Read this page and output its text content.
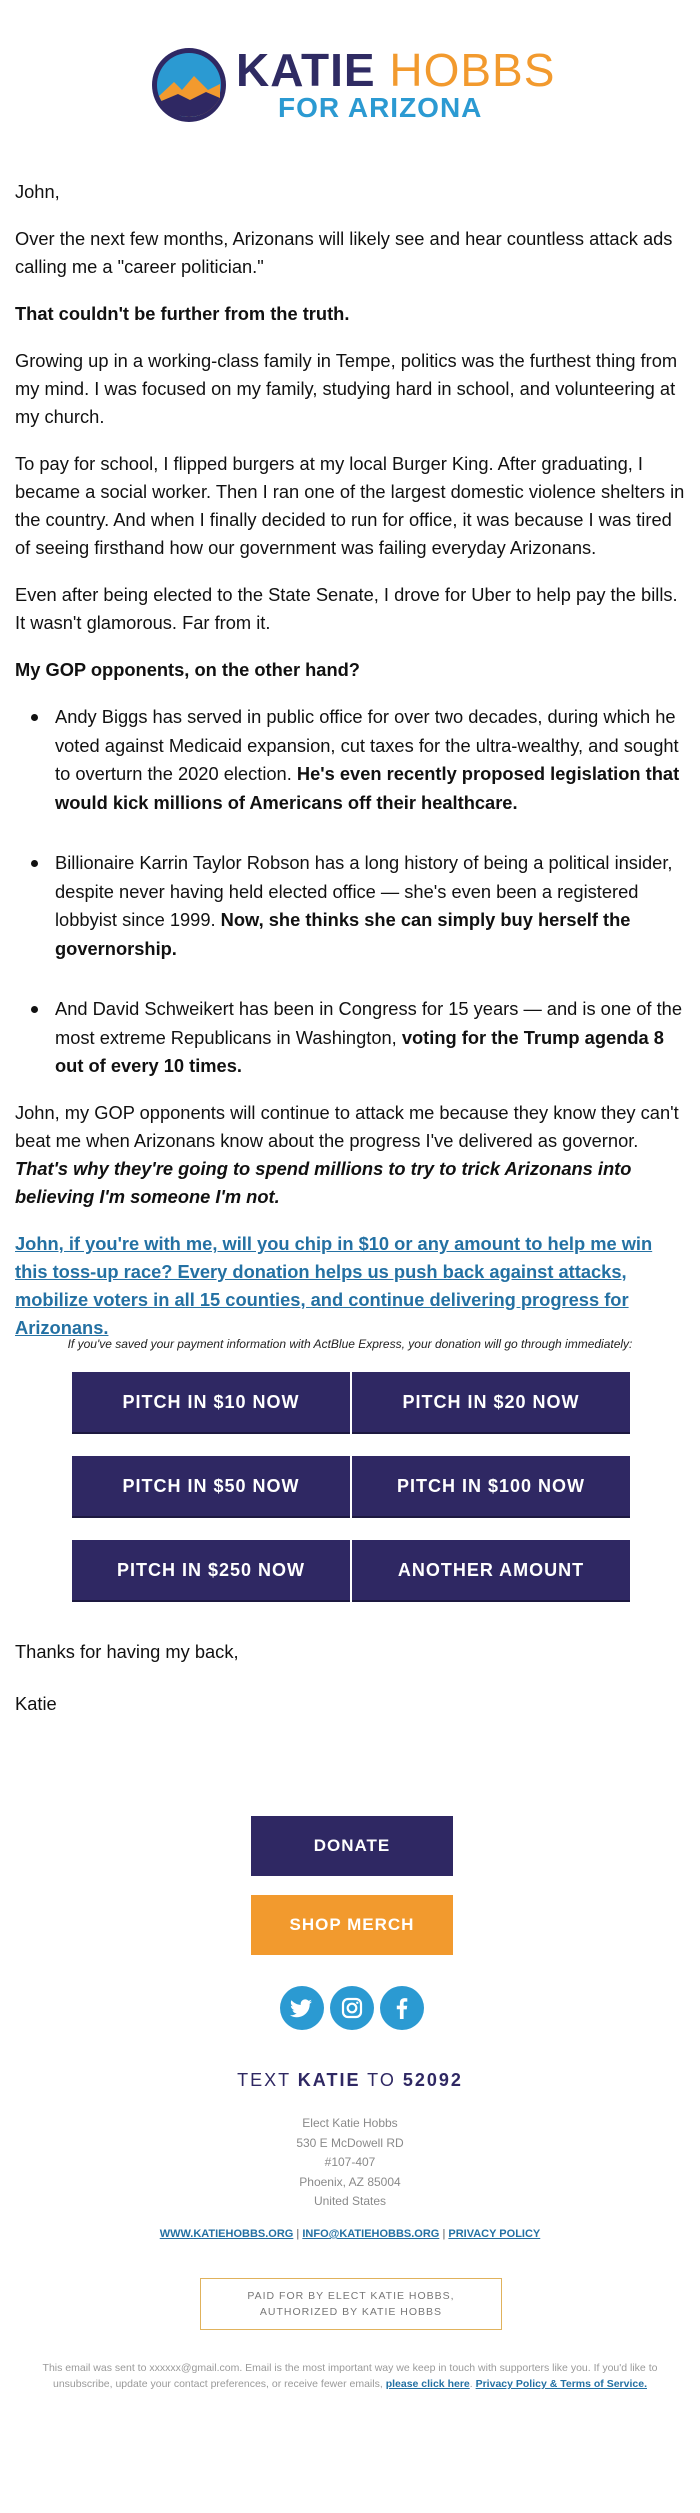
KATIE HOBBS
FOR ARIZONA

John,

Over the next few months, Arizonans will likely see and hear countless attack ads calling me a "career politician."

That couldn't be further from the truth.

Growing up in a working-class family in Tempe, politics was the furthest thing from my mind. I was focused on my family, studying hard in school, and volunteering at my church.

To pay for school, I flipped burgers at my local Burger King. After graduating, I became a social worker. Then I ran one of the largest domestic violence shelters in the country. And when I finally decided to run for office, it was because I was tired of seeing firsthand how our government was failing everyday Arizonans.

Even after being elected to the State Senate, I drove for Uber to help pay the bills. It wasn't glamorous. Far from it.

My GOP opponents, on the other hand?

Andy Biggs has served in public office for over two decades, during which he voted against Medicaid expansion, cut taxes for the ultra-wealthy, and sought to overturn the 2020 election. He's even recently proposed legislation that would kick millions of Americans off their healthcare.

Billionaire Karrin Taylor Robson has a long history of being a political insider, despite never having held elected office — she's even been a registered lobbyist since 1999. Now, she thinks she can simply buy herself the governorship.

And David Schweikert has been in Congress for 15 years — and is one of the most extreme Republicans in Washington, voting for the Trump agenda 8 out of every 10 times.

John, my GOP opponents will continue to attack me because they know they can't beat me when Arizonans know about the progress I've delivered as governor. That's why they're going to spend millions to try to trick Arizonans into believing I'm someone I'm not.

John, if you're with me, will you chip in $10 or any amount to help me win this toss-up race? Every donation helps us push back against attacks, mobilize voters in all 15 counties, and continue delivering progress for Arizonans.

If you've saved your payment information with ActBlue Express, your donation will go through immediately:
PITCH IN $10 NOW	PITCH IN $20 NOW
PITCH IN $50 NOW	PITCH IN $100 NOW
PITCH IN $250 NOW	ANOTHER AMOUNT

Thanks for having my back,

Katie

DONATE
SHOP MERCH
TEXT KATIE TO 52092
Elect Katie Hobbs
530 E McDowell RD
#107-407
Phoenix, AZ 85004
United States
WWW.KATIEHOBBS.ORG | INFO@KATIEHOBBS.ORG | PRIVACY POLICY
PAID FOR BY ELECT KATIE HOBBS,
AUTHORIZED BY KATIE HOBBS
This email was sent to xxxxxx@gmail.com. Email is the most important way we keep in touch with supporters like you. If you'd like to unsubscribe, update your contact preferences, or receive fewer emails, please click here. Privacy Policy & Terms of Service.
